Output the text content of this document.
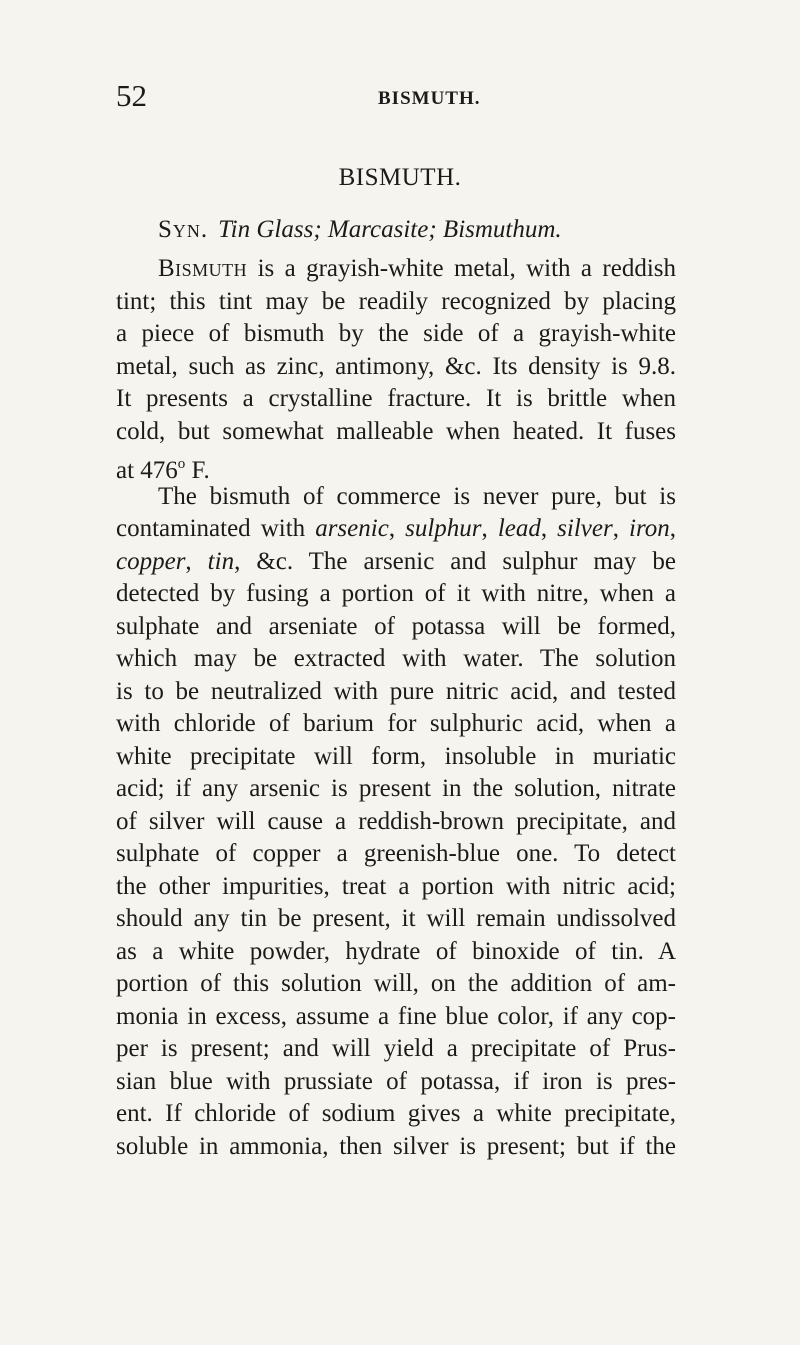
52	BISMUTH.
BISMUTH.
Syn. Tin Glass; Marcasite; Bismuthum.
Bismuth is a grayish-white metal, with a reddish
tint; this tint may be readily recognized by placing
a piece of bismuth by the side of a grayish-white
metal, such as zinc, antimony, &c. Its density is 9.8.
It presents a crystalline fracture. It is brittle when
cold, but somewhat malleable when heated. It fuses
at 476$^o$ F.
The bismuth of commerce is never pure, but is
contaminated with arsenic, sulphur, lead, silver, iron,
copper, tin, &c. The arsenic and sulphur may be
detected by fusing a portion of it with nitre, when a
sulphate and arseniate of potassa will be formed,
which may be extracted with water. The solution
is to be neutralized with pure nitric acid, and tested
with chloride of barium for sulphuric acid, when a
white precipitate will form, insoluble in muriatic
acid; if any arsenic is present in the solution, nitrate
of silver will cause a reddish-brown precipitate, and
sulphate of copper a greenish-blue one. To detect
the other impurities, treat a portion with nitric acid;
should any tin be present, it will remain undissolved
as a white powder, hydrate of binoxide of tin. A
portion of this solution will, on the addition of am-
monia in excess, assume a fine blue color, if any cop-
per is present; and will yield a precipitate of Prus-
sian blue with prussiate of potassa, if iron is pres-
ent. If chloride of sodium gives a white precipitate,
soluble in ammonia, then silver is present; but if the
